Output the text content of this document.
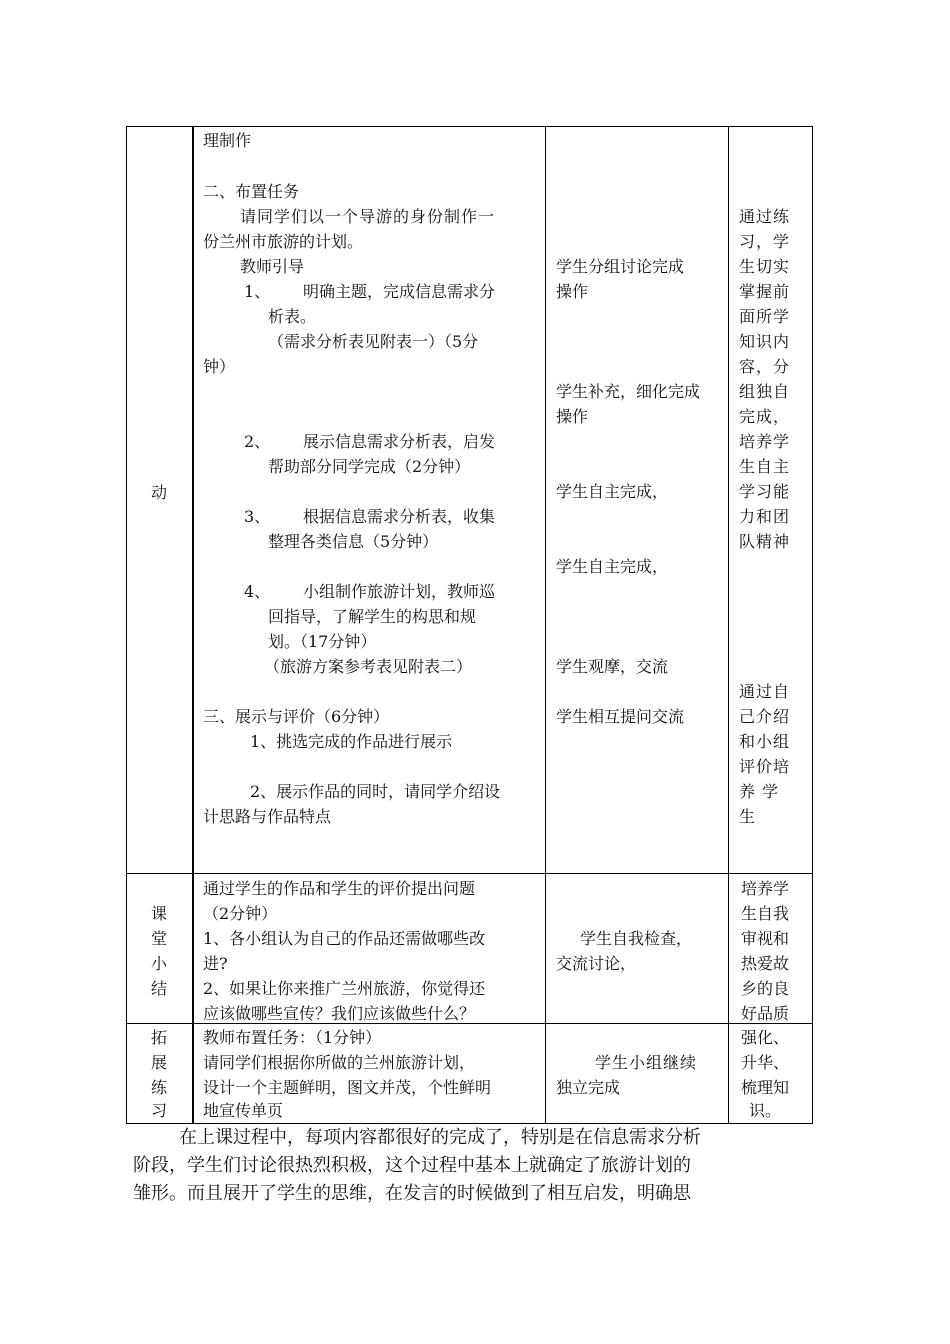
动
理制作
二、布置任务
请同学们以一个导游的身份制作一
份兰州市旅游的计划。
教师引导
1、 明确主题，完成信息需求分
析表。
（需求分析表见附表一）（5分
钟）
2、 展示信息需求分析表，启发
帮助部分同学完成（2分钟）
3、 根据信息需求分析表，收集
整理各类信息（5分钟）
4、 小组制作旅游计划，教师巡
回指导，了解学生的构思和规
划。（17分钟）
（旅游方案参考表见附表二）
三、展示与评价（6分钟）
1、挑选完成的作品进行展示
2、展示作品的同时，请同学介绍设
计思路与作品特点
学生分组讨论完成
操作
学生补充，细化完成
操作
学生自主完成，
学生自主完成，
学生观摩，交流
学生相互提问交流
通过练
习，学
生切实
掌握前
面所学
知识内
容，分
组独自
完成，
培养学
生自主
学习能
力和团
队精神
通过自
己介绍
和小组
评价培
养 学
生
课
堂
小
结
通过学生的作品和学生的评价提出问题
（2分钟）
1、各小组认为自己的作品还需做哪些改
进?
2、如果让你来推广兰州旅游，你觉得还
应该做哪些宣传？我们应该做些什么？
学生自我检查，
交流讨论，
培养学
生自我
审视和
热爱故
乡的良
好品质
拓
展
练
习
教师布置任务：（1分钟）
请同学们根据你所做的兰州旅游计划，
设计一个主题鲜明，图文并茂，个性鲜明
地宣传单页
学生小组继续
独立完成
强化、
升华、
梳理知
识。
在上课过程中，每项内容都很好的完成了，特别是在信息需求分析
阶段，学生们讨论很热烈积极，这个过程中基本上就确定了旅游计划的
雏形。而且展开了学生的思维，在发言的时候做到了相互启发，明确思
